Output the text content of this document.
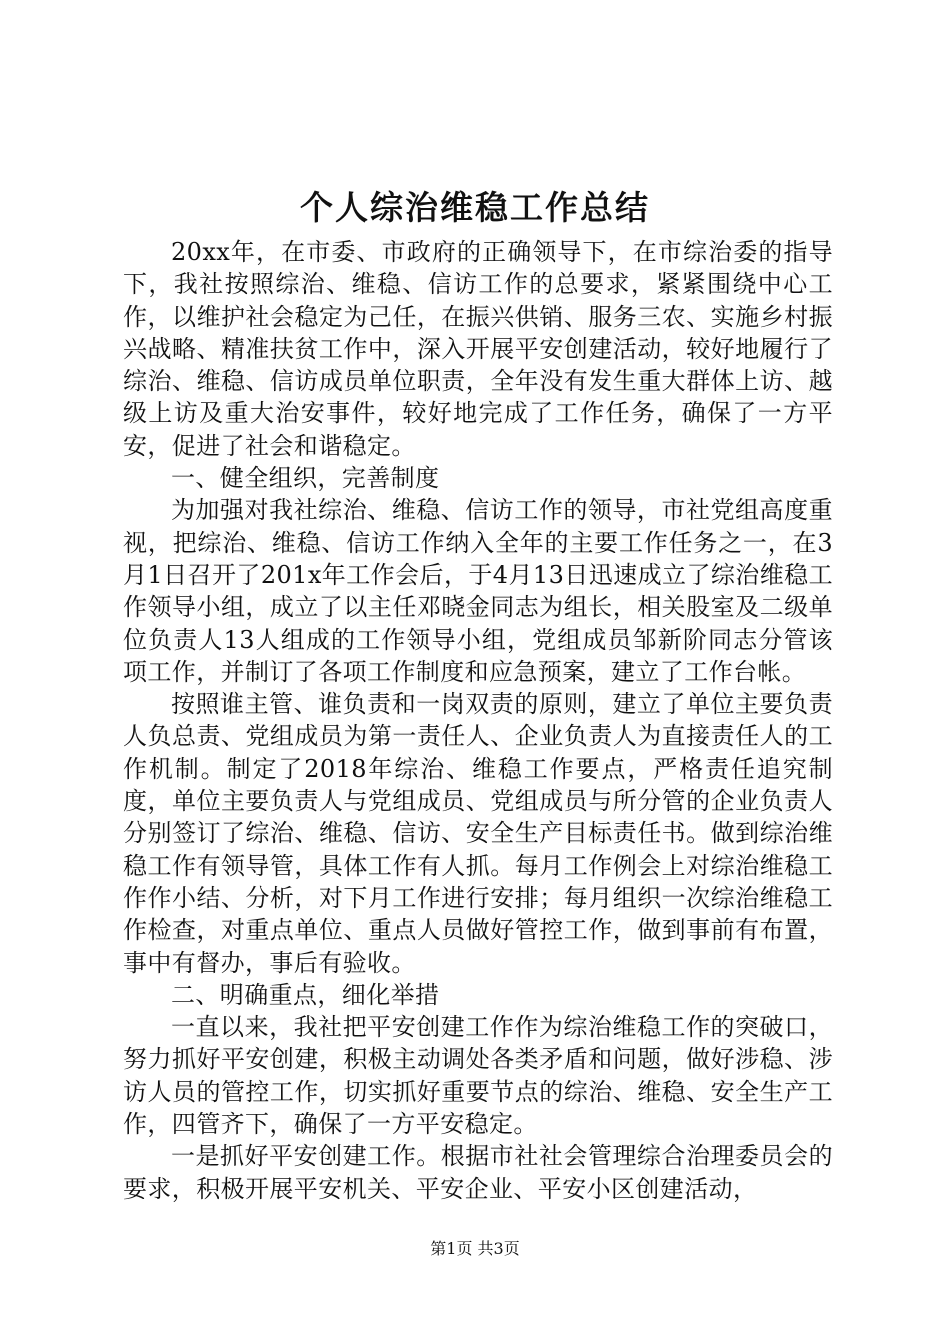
个人综治维稳工作总结

20xx年，在市委、市政府的正确领导下，在市综治委的指导下，我社按照综治、维稳、信访工作的总要求，紧紧围绕中心工作，以维护社会稳定为己任，在振兴供销、服务三农、实施乡村振兴战略、精准扶贫工作中，深入开展平安创建活动，较好地履行了综治、维稳、信访成员单位职责，全年没有发生重大群体上访、越级上访及重大治安事件，较好地完成了工作任务，确保了一方平安，促进了社会和谐稳定。

一、健全组织，完善制度

为加强对我社综治、维稳、信访工作的领导，市社党组高度重视，把综治、维稳、信访工作纳入全年的主要工作任务之一，在3月1日召开了201x年工作会后，于4月13日迅速成立了综治维稳工作领导小组，成立了以主任邓晓金同志为组长，相关股室及二级单位负责人13人组成的工作领导小组，党组成员邹新阶同志分管该项工作，并制订了各项工作制度和应急预案，建立了工作台帐。

按照谁主管、谁负责和一岗双责的原则，建立了单位主要负责人负总责、党组成员为第一责任人、企业负责人为直接责任人的工作机制。制定了2018年综治、维稳工作要点，严格责任追究制度，单位主要负责人与党组成员、党组成员与所分管的企业负责人分别签订了综治、维稳、信访、安全生产目标责任书。做到综治维稳工作有领导管，具体工作有人抓。每月工作例会上对综治维稳工作作小结、分析，对下月工作进行安排；每月组织一次综治维稳工作检查，对重点单位、重点人员做好管控工作，做到事前有布置，事中有督办，事后有验收。

二、明确重点，细化举措

一直以来，我社把平安创建工作作为综治维稳工作的突破口，努力抓好平安创建，积极主动调处各类矛盾和问题，做好涉稳、涉访人员的管控工作，切实抓好重要节点的综治、维稳、安全生产工作，四管齐下，确保了一方平安稳定。

一是抓好平安创建工作。根据市社社会管理综合治理委员会的要求，积极开展平安机关、平安企业、平安小区创建活动，

第1页 共3页
